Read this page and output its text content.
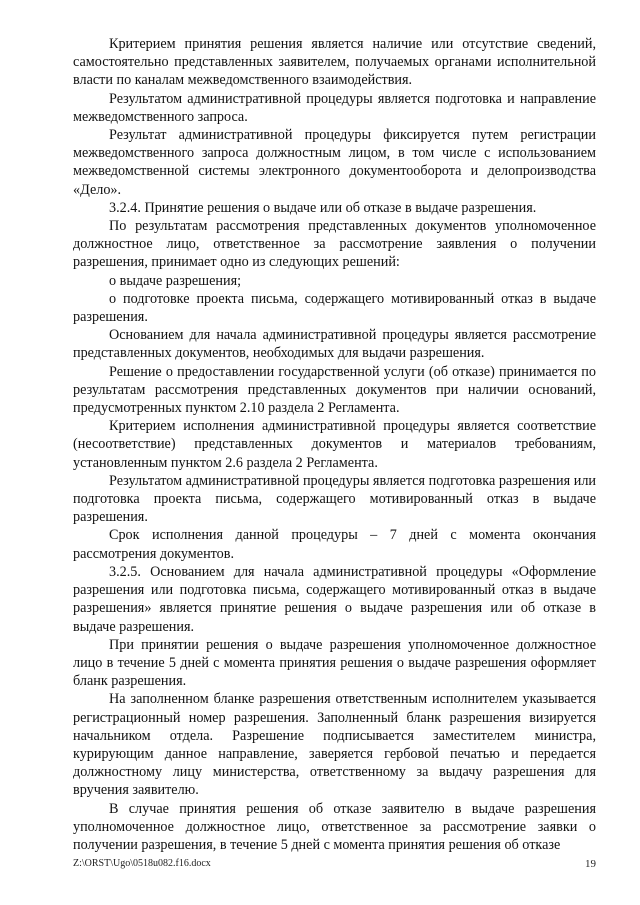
Критерием принятия решения является наличие или отсутствие сведений, самостоятельно представленных заявителем, получаемых органами исполнительной власти по каналам межведомственного взаимодействия.

Результатом административной процедуры является подготовка и направление межведомственного запроса.

Результат административной процедуры фиксируется путем регистрации межведомственного запроса должностным лицом, в том числе с использованием межведомственной системы электронного документооборота и делопроизводства «Дело».

3.2.4. Принятие решения о выдаче или об отказе в выдаче разрешения.

По результатам рассмотрения представленных документов уполномоченное должностное лицо, ответственное за рассмотрение заявления о получении разрешения, принимает одно из следующих решений:

о выдаче разрешения;

о подготовке проекта письма, содержащего мотивированный отказ в выдаче разрешения.

Основанием для начала административной процедуры является рассмотрение представленных документов, необходимых для выдачи разрешения.

Решение о предоставлении государственной услуги (об отказе) принимается по результатам рассмотрения представленных документов при наличии оснований, предусмотренных пунктом 2.10 раздела 2 Регламента.

Критерием исполнения административной процедуры является соответствие (несоответствие) представленных документов и материалов требованиям, установленным пунктом 2.6 раздела 2 Регламента.

Результатом административной процедуры является подготовка разрешения или подготовка проекта письма, содержащего мотивированный отказ в выдаче разрешения.

Срок исполнения данной процедуры – 7 дней с момента окончания рассмотрения документов.

3.2.5. Основанием для начала административной процедуры «Оформление разрешения или подготовка письма, содержащего мотивированный отказ в выдаче разрешения» является принятие решения о выдаче разрешения или об отказе в выдаче разрешения.

При принятии решения о выдаче разрешения уполномоченное должностное лицо в течение 5 дней с момента принятия решения о выдаче разрешения оформляет бланк разрешения.

На заполненном бланке разрешения ответственным исполнителем указывается регистрационный номер разрешения. Заполненный бланк разрешения визируется начальником отдела. Разрешение подписывается заместителем министра, курирующим данное направление, заверяется гербовой печатью и передается должностному лицу министерства, ответственному за выдачу разрешения для вручения заявителю.

В случае принятия решения об отказе заявителю в выдаче разрешения уполномоченное должностное лицо, ответственное за рассмотрение заявки о получении разрешения, в течение 5 дней с момента принятия решения об отказе

Z:\ORST\Ugo\0518u082.f16.docx	19
